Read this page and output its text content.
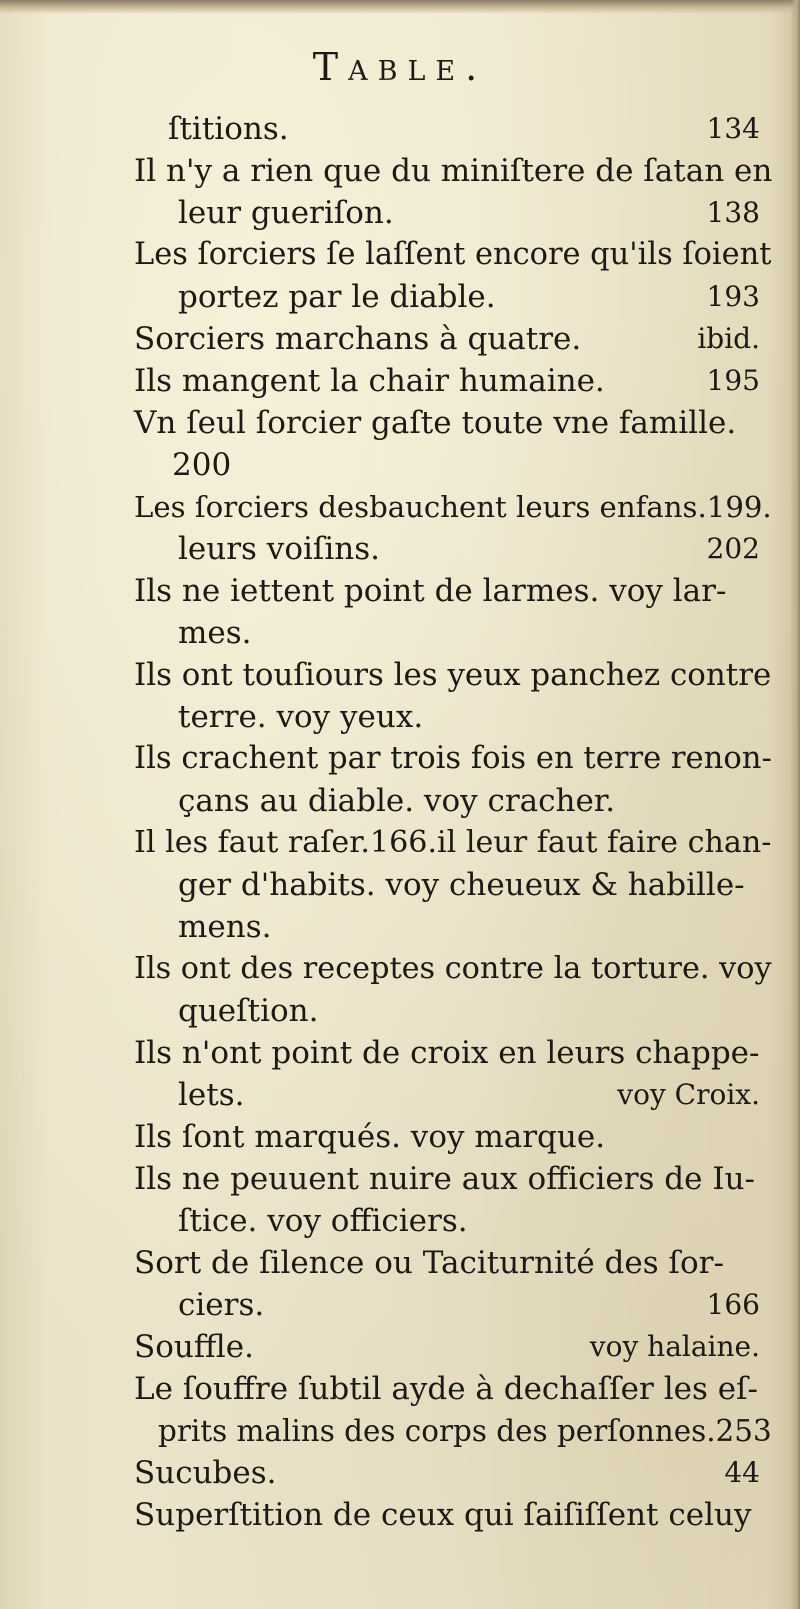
Table.
ſtitions.	134
Il n'y a rien que du miniſtere de ſatan en
leur gueriſon.	138
Les ſorciers ſe laſſent encore qu'ils ſoient
portez par le diable.	193
Sorciers marchans à quatre.	ibid.
Ils mangent la chair humaine.	195
Vn ſeul ſorcier gaſte toute vne famille.
200
Les ſorciers desbauchent leurs enfans.199.
leurs voiſins.	202
Ils ne iettent point de larmes. voy lar-
mes.
Ils ont touſiours les yeux panchez contre
terre. voy yeux.
Ils crachent par trois fois en terre renon-
çans au diable. voy cracher.
Il les faut raſer.166.il leur faut faire chan-
ger d'habits. voy cheueux & habille-
mens.
Ils ont des receptes contre la torture. voy
queſtion.
Ils n'ont point de croix en leurs chappe-
lets.	voy Croix.
Ils ſont marqués. voy marque.
Ils ne peuuent nuire aux officiers de Iu-
ſtice. voy officiers.
Sort de ſilence ou Taciturnité des ſor-
ciers.	166
Souffle.	voy halaine.
Le ſouffre ſubtil ayde à dechaſſer les eſ-
prits malins des corps des perſonnes.253
Sucubes.	44
Superſtition de ceux qui ſaiſiſſent celuy
